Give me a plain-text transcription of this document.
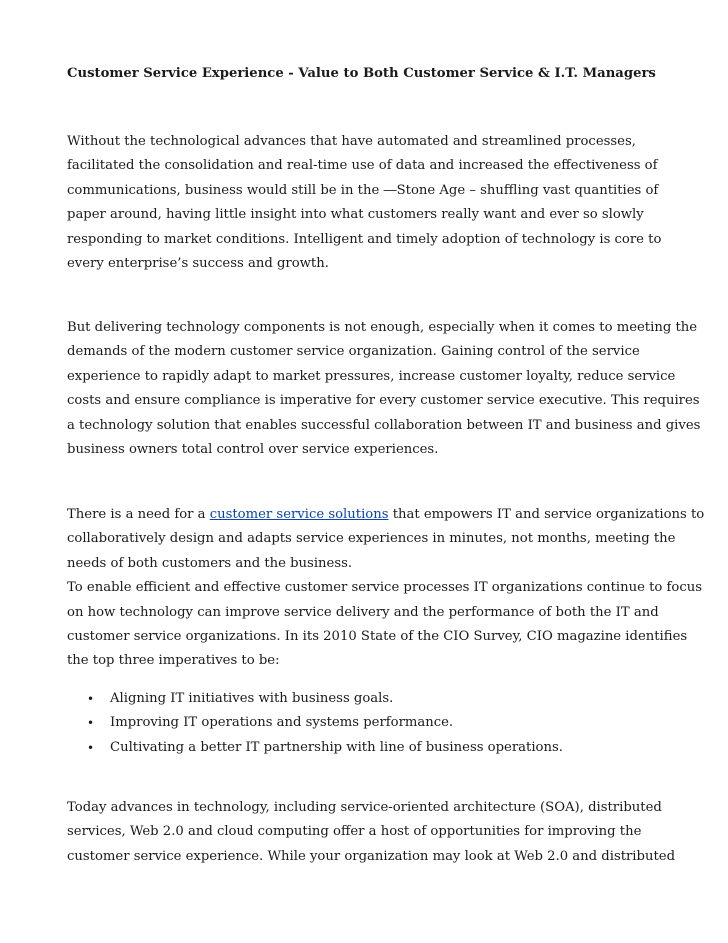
Customer Service Experience - Value to Both Customer Service & I.T. Managers

Without the technological advances that have automated and streamlined processes,
facilitated the consolidation and real-time use of data and increased the effectiveness of
communications, business would still be in the ―Stone Age – shuffling vast quantities of
paper around, having little insight into what customers really want and ever so slowly
responding to market conditions. Intelligent and timely adoption of technology is core to
every enterprise’s success and growth.

But delivering technology components is not enough, especially when it comes to meeting the
demands of the modern customer service organization. Gaining control of the service
experience to rapidly adapt to market pressures, increase customer loyalty, reduce service
costs and ensure compliance is imperative for every customer service executive. This requires
a technology solution that enables successful collaboration between IT and business and gives
business owners total control over service experiences.

There is a need for a customer service solutions that empowers IT and service organizations to
collaboratively design and adapts service experiences in minutes, not months, meeting the
needs of both customers and the business.
To enable efficient and effective customer service processes IT organizations continue to focus
on how technology can improve service delivery and the performance of both the IT and
customer service organizations. In its 2010 State of the CIO Survey, CIO magazine identifies
the top three imperatives to be:

• Aligning IT initiatives with business goals.
• Improving IT operations and systems performance.
• Cultivating a better IT partnership with line of business operations.

Today advances in technology, including service-oriented architecture (SOA), distributed
services, Web 2.0 and cloud computing offer a host of opportunities for improving the
customer service experience. While your organization may look at Web 2.0 and distributed
